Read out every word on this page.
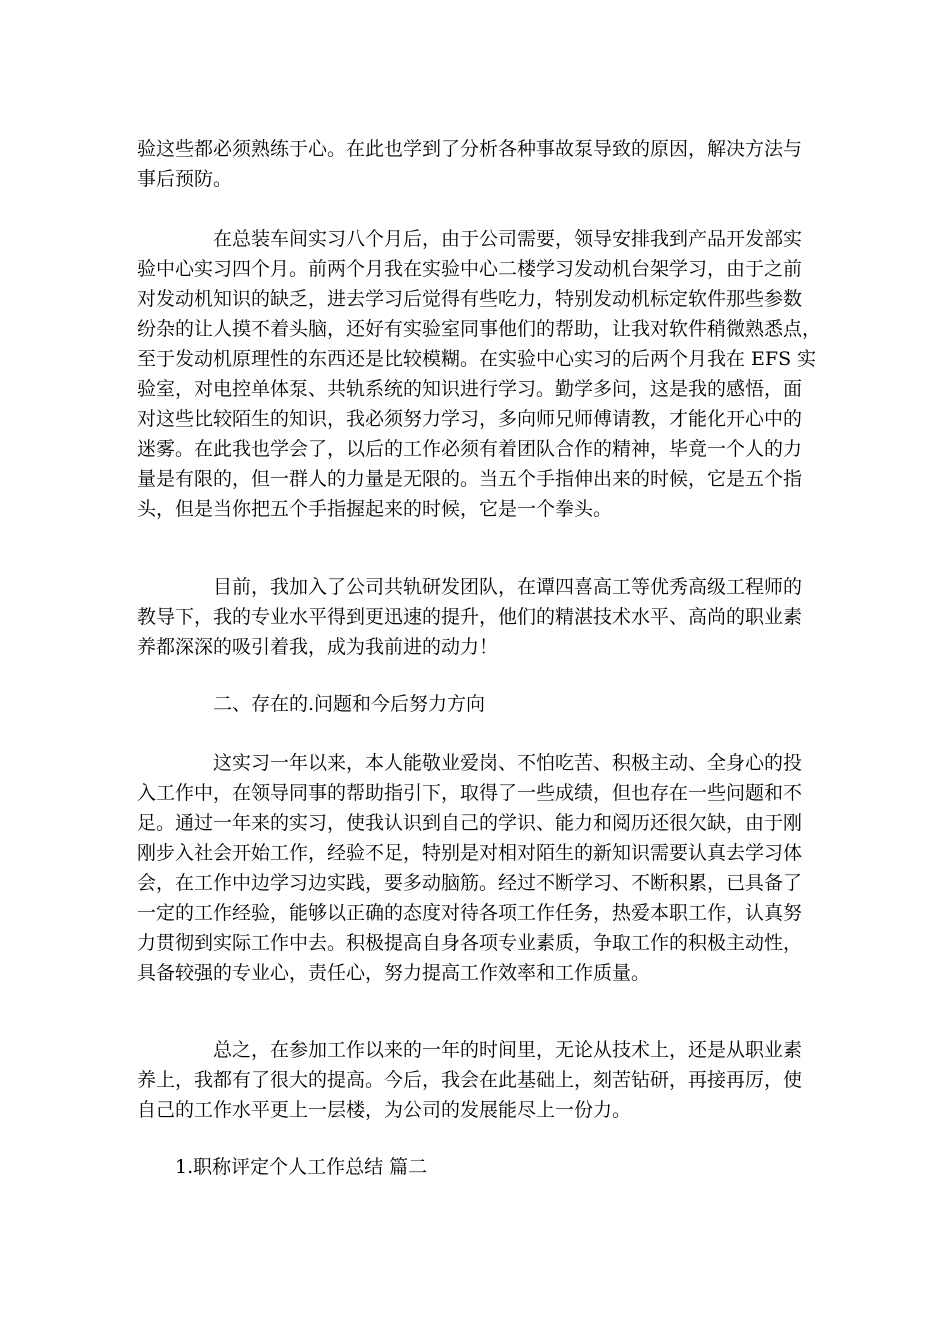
验这些都必须熟练于心。在此也学到了分析各种事故泵导致的原因，解决方法与
事后预防。
在总装车间实习八个月后，由于公司需要，领导安排我到产品开发部实
验中心实习四个月。前两个月我在实验中心二楼学习发动机台架学习，由于之前
对发动机知识的缺乏，进去学习后觉得有些吃力，特别发动机标定软件那些参数
纷杂的让人摸不着头脑，还好有实验室同事他们的帮助，让我对软件稍微熟悉点，
至于发动机原理性的东西还是比较模糊。在实验中心实习的后两个月我在 EFS 实
验室，对电控单体泵、共轨系统的知识进行学习。勤学多问，这是我的感悟，面
对这些比较陌生的知识，我必须努力学习，多向师兄师傅请教，才能化开心中的
迷雾。在此我也学会了，以后的工作必须有着团队合作的精神，毕竟一个人的力
量是有限的，但一群人的力量是无限的。当五个手指伸出来的时候，它是五个指
头，但是当你把五个手指握起来的时候，它是一个拳头。
目前，我加入了公司共轨研发团队，在谭四喜高工等优秀高级工程师的
教导下，我的专业水平得到更迅速的提升，他们的精湛技术水平、高尚的职业素
养都深深的吸引着我，成为我前进的动力！
二、存在的.问题和今后努力方向
这实习一年以来，本人能敬业爱岗、不怕吃苦、积极主动、全身心的投
入工作中，在领导同事的帮助指引下，取得了一些成绩，但也存在一些问题和不
足。通过一年来的实习，使我认识到自己的学识、能力和阅历还很欠缺，由于刚
刚步入社会开始工作，经验不足，特别是对相对陌生的新知识需要认真去学习体
会，在工作中边学习边实践，要多动脑筋。经过不断学习、不断积累，已具备了
一定的工作经验，能够以正确的态度对待各项工作任务，热爱本职工作，认真努
力贯彻到实际工作中去。积极提高自身各项专业素质，争取工作的积极主动性，
具备较强的专业心，责任心，努力提高工作效率和工作质量。
总之，在参加工作以来的一年的时间里，无论从技术上，还是从职业素
养上，我都有了很大的提高。今后，我会在此基础上，刻苦钻研，再接再厉，使
自己的工作水平更上一层楼，为公司的发展能尽上一份力。
1.职称评定个人工作总结 篇二
